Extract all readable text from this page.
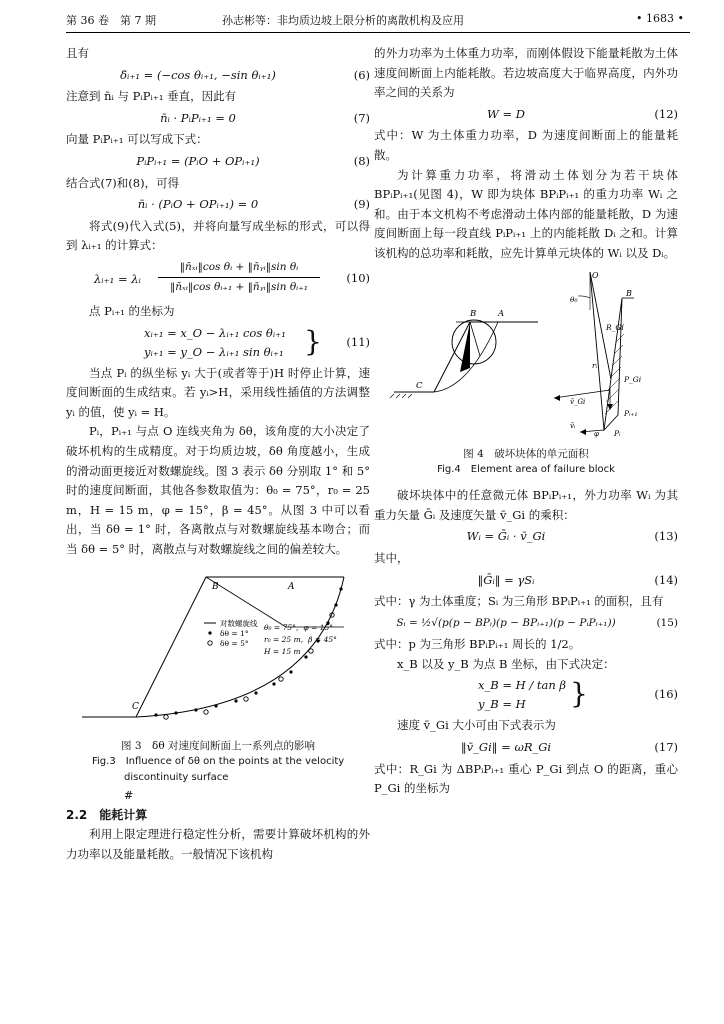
第 36 卷　第 7 期	孙志彬等：非均质边坡上限分析的离散机构及应用	• 1683 •

且有

δ̄ᵢ₊₁ = (−cos θᵢ₊₁, −sin θᵢ₊₁)	(6)

注意到 n̄ᵢ 与 PᵢPᵢ₊₁ 垂直，因此有

n̄ᵢ · PᵢPᵢ₊₁ = 0	(7)

向量 PᵢPᵢ₊₁ 可以写成下式：

PᵢPᵢ₊₁ = (PᵢO + OPᵢ₊₁)	(8)

结合式(7)和(8)，可得

n̄ᵢ · (PᵢO + OPᵢ₊₁) = 0	(9)

将式(9)代入式(5)，并将向量写成坐标的形式，可以得到 λᵢ₊₁ 的计算式：

λᵢ₊₁ = λᵢ $\frac{\text{‖n̄ₓᵢ‖cos θᵢ + ‖n̄ᵧᵢ‖sin θᵢ}}{\text{‖n̄ₓᵢ‖cos θᵢ₊₁ + ‖n̄ᵧᵢ‖sin θᵢ₊₁}} (10)$

点 Pᵢ₊₁ 的坐标为

xᵢ₊₁ = x_O − λᵢ₊₁ cos θᵢ₊₁
yᵢ₊₁ = y_O − λᵢ₊₁ sin θᵢ₊₁ } (11)

当点 Pᵢ 的纵坐标 yᵢ 大于(或者等于)H 时停止计算，速度间断面的生成结束。若 yᵢ>H，采用线性插值的方法调整 yᵢ 的值，使 yᵢ = H。

Pᵢ，Pᵢ₊₁ 与点 O 连线夹角为 δθ，该角度的大小决定了破坏机构的生成精度。对于均质边坡，δθ 角度越小，生成的滑动面更接近对数螺旋线。图 3 表示 δθ 分别取 1° 和 5° 时的速度间断面，其他各参数取值为：θ₀ = 75°，r₀ = 25 m，H = 15 m，φ = 15°，β = 45°。从图 3 中可以看出，当 δθ = 1° 时，各离散点与对数螺旋线基本吻合；而当 δθ = 5° 时，离散点与对数螺旋线之间的偏差较大。

B	A
C
对数螺旋线
δθ = 1°
δθ = 5°
θ₀ = 75°，φ = 15°
r₀ = 25 m，β = 45°
H = 15 m
图 3　δθ 对速度间断面上一系列点的影响
Fig.3　Influence of δθ on the points at the velocity
discontinuity surface
#
2.2　能耗计算

利用上限定理进行稳定性分析，需要计算破坏机构的外力功率以及能量耗散。一般情况下该机构

的外力功率为土体重力功率，而刚体假设下能量耗散为土体速度间断面上内能耗散。若边坡高度大于临界高度，内外功率之间的关系为

W = D	(12)

式中：W 为土体重力功率，D 为速度间断面上的能量耗散。

为计算重力功率，将滑动土体划分为若干块体 BPᵢPᵢ₊₁(见图 4)，W 即为块体 BPᵢPᵢ₊₁ 的重力功率 Wᵢ 之和。由于本文机构不考虑滑动土体内部的能量耗散，D 为速度间断面上每一段直线 PᵢPᵢ₊₁ 上的内能耗散 Dᵢ 之和。计算该机构的总功率和耗散，应先计算单元块体的 Wᵢ 以及 Dᵢ。

B	A
C
O
B
θ₀
R_Gi
rᵢ
P_Gi
Pᵢ₊₁
Pᵢ
v̄_Gi
v̄ᵢ
φ
图 4　破坏块体的单元面积
Fig.4　Element area of failure block

破坏块体中的任意微元体 BPᵢPᵢ₊₁，外力功率 Wᵢ 为其重力矢量 Ḡᵢ 及速度矢量 v̄_Gi 的乘积：

Wᵢ = Ḡᵢ · v̄_Gi	(13)

其中，

‖Ḡᵢ‖ = γSᵢ	(14)

式中：γ 为土体重度；Sᵢ 为三角形 BPᵢPᵢ₊₁ 的面积，且有

Sᵢ = ½√(p(p − BPᵢ)(p − BPᵢ₊₁)(p − PᵢPᵢ₊₁))	(15)

式中：p 为三角形 BPᵢPᵢ₊₁ 周长的 1/2。

x_B 以及 y_B 为点 B 坐标，由下式决定：

x_B = H / tan β
y_B = H	}	(16)

速度 v̄_Gi 大小可由下式表示为

‖v̄_Gi‖ = ωR_Gi	(17)

式中：R_Gi 为 ΔBPᵢPᵢ₊₁ 重心 P_Gi 到点 O 的距离，重心 P_Gi 的坐标为
